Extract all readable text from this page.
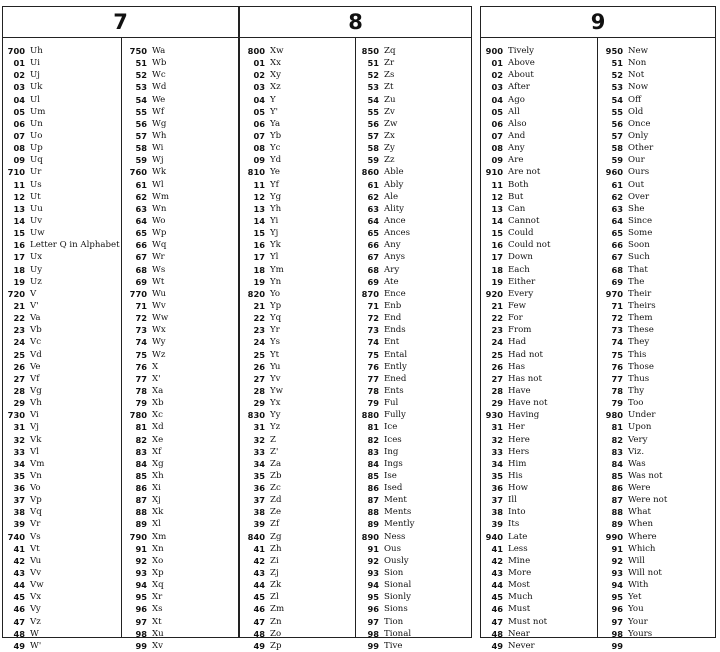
7	8
700 Uh
01 Ui
02 Uj
03 Uk
04 Ul
05 Um
06 Un
07 Uo
08 Up
09 Uq
710 Ur
11 Us
12 Ut
13 Uu
14 Uv
15 Uw
16 Letter Q in Alphabet
17 Ux
18 Uy
19 Uz
720 V
21 V'
22 Va
23 Vb
24 Vc
25 Vd
26 Ve
27 Vf
28 Vg
29 Vh
730 Vi
31 Vj
32 Vk
33 Vl
34 Vm
35 Vn
36 Vo
37 Vp
38 Vq
39 Vr
740 Vs
41 Vt
42 Vu
43 Vv
44 Vw
45 Vx
46 Vy
47 Vz
48 W
49 W'
750 Wa
51 Wb
52 Wc
53 Wd
54 We
55 Wf
56 Wg
57 Wh
58 Wi
59 Wj
760 Wk
61 Wl
62 Wm
63 Wn
64 Wo
65 Wp
66 Wq
67 Wr
68 Ws
69 Wt
770 Wu
71 Wv
72 Ww
73 Wx
74 Wy
75 Wz
76 X
77 X'
78 Xa
79 Xb
780 Xc
81 Xd
82 Xe
83 Xf
84 Xg
85 Xh
86 Xi
87 Xj
88 Xk
89 Xl
790 Xm
91 Xn
92 Xo
93 Xp
94 Xq
95 Xr
96 Xs
97 Xt
98 Xu
99 Xv
800 Xw
01 Xx
02 Xy
03 Xz
04 Y
05 Y'
06 Ya
07 Yb
08 Yc
09 Yd
810 Ye
11 Yf
12 Yg
13 Yh
14 Yi
15 Yj
16 Yk
17 Yl
18 Ym
19 Yn
820 Yo
21 Yp
22 Yq
23 Yr
24 Ys
25 Yt
26 Yu
27 Yv
28 Yw
29 Yx
830 Yy
31 Yz
32 Z
33 Z'
34 Za
35 Zb
36 Zc
37 Zd
38 Ze
39 Zf
840 Zg
41 Zh
42 Zi
43 Zj
44 Zk
45 Zl
46 Zm
47 Zn
48 Zo
49 Zp
850 Zq
51 Zr
52 Zs
53 Zt
54 Zu
55 Zv
56 Zw
57 Zx
58 Zy
59 Zz
860 Able
61 Ably
62 Ale
63 Ality
64 Ance
65 Ances
66 Any
67 Anys
68 Ary
69 Ate
870 Ence
71 Enb
72 End
73 Ends
74 Ent
75 Ental
76 Ently
77 Ened
78 Ents
79 Ful
880 Fully
81 Ice
82 Ices
83 Ing
84 Ings
85 Ise
86 Ised
87 Ment
88 Ments
89 Mently
890 Ness
91 Ous
92 Ously
93 Sion
94 Sional
95 Sionly
96 Sions
97 Tion
98 Tional
99 Tive
9
900 Tively
01 Above
02 About
03 After
04 Ago
05 All
06 Also
07 And
08 Any
09 Are
910 Are not
11 Both
12 But
13 Can
14 Cannot
15 Could
16 Could not
17 Down
18 Each
19 Either
920 Every
21 Few
22 For
23 From
24 Had
25 Had not
26 Has
27 Has not
28 Have
29 Have not
930 Having
31 Her
32 Here
33 Hers
34 Him
35 His
36 How
37 Ill
38 Into
39 Its
940 Late
41 Less
42 Mine
43 More
44 Most
45 Much
46 Must
47 Must not
48 Near
49 Never
950 New
51 Non
52 Not
53 Now
54 Off
55 Old
56 Once
57 Only
58 Other
59 Our
960 Ours
61 Out
62 Over
63 She
64 Since
65 Some
66 Soon
67 Such
68 That
69 The
970 Their
71 Theirs
72 Them
73 These
74 They
75 This
76 Those
77 Thus
78 Thy
79 Too
980 Under
81 Upon
82 Very
83 Viz.
84 Was
85 Was not
86 Were
87 Were not
88 What
89 When
990 Where
91 Which
92 Will
93 Will not
94 With
95 Yet
96 You
97 Your
98 Yours
99
